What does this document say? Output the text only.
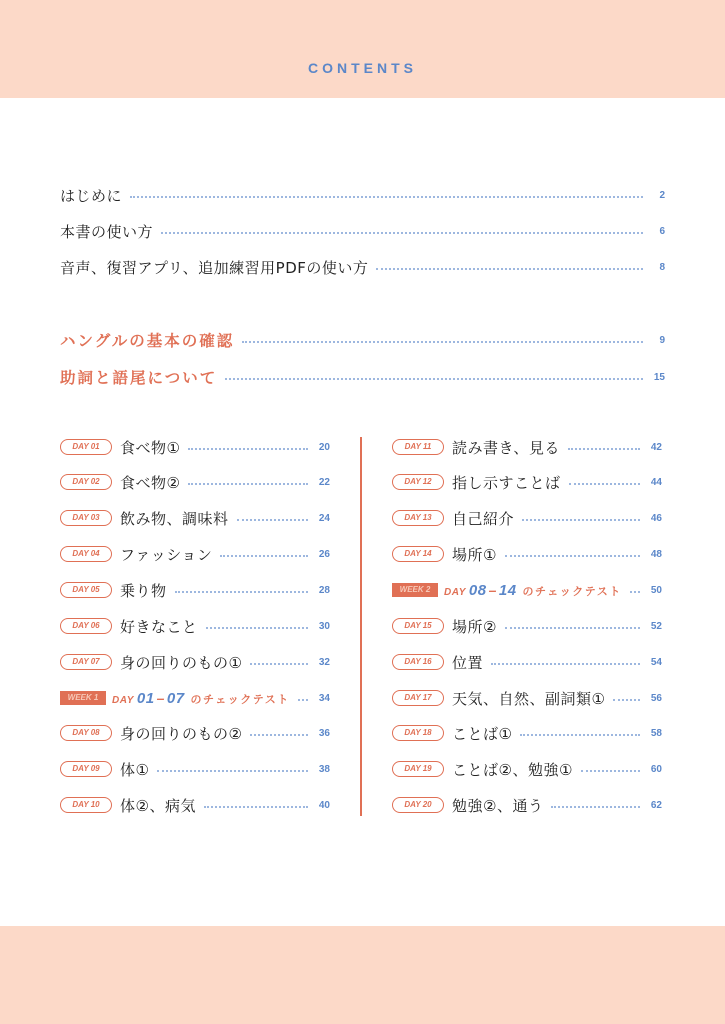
CONTENTS
はじめに	2
本書の使い方	6
音声、復習アプリ、追加練習用PDFの使い方	8
ハングルの基本の確認	9
助詞と語尾について	15
DAY 01	食べ物①	20
DAY 02	食べ物②	22
DAY 03	飲み物、調味料	24
DAY 04	ファッション	26
DAY 05	乗り物	28
DAY 06	好きなこと	30
DAY 07	身の回りのもの①	32
WEEK 1	DAY 01 – 07 のチェックテスト	34
DAY 08	身の回りのもの②	36
DAY 09	体①	38
DAY 10	体②、病気	40
DAY 11	読み書き、見る	42
DAY 12	指し示すことば	44
DAY 13	自己紹介	46
DAY 14	場所①	48
WEEK 2	DAY 08 – 14 のチェックテスト	50
DAY 15	場所②	52
DAY 16	位置	54
DAY 17	天気、自然、副詞類①	56
DAY 18	ことば①	58
DAY 19	ことば②、勉強①	60
DAY 20	勉強②、通う	62
